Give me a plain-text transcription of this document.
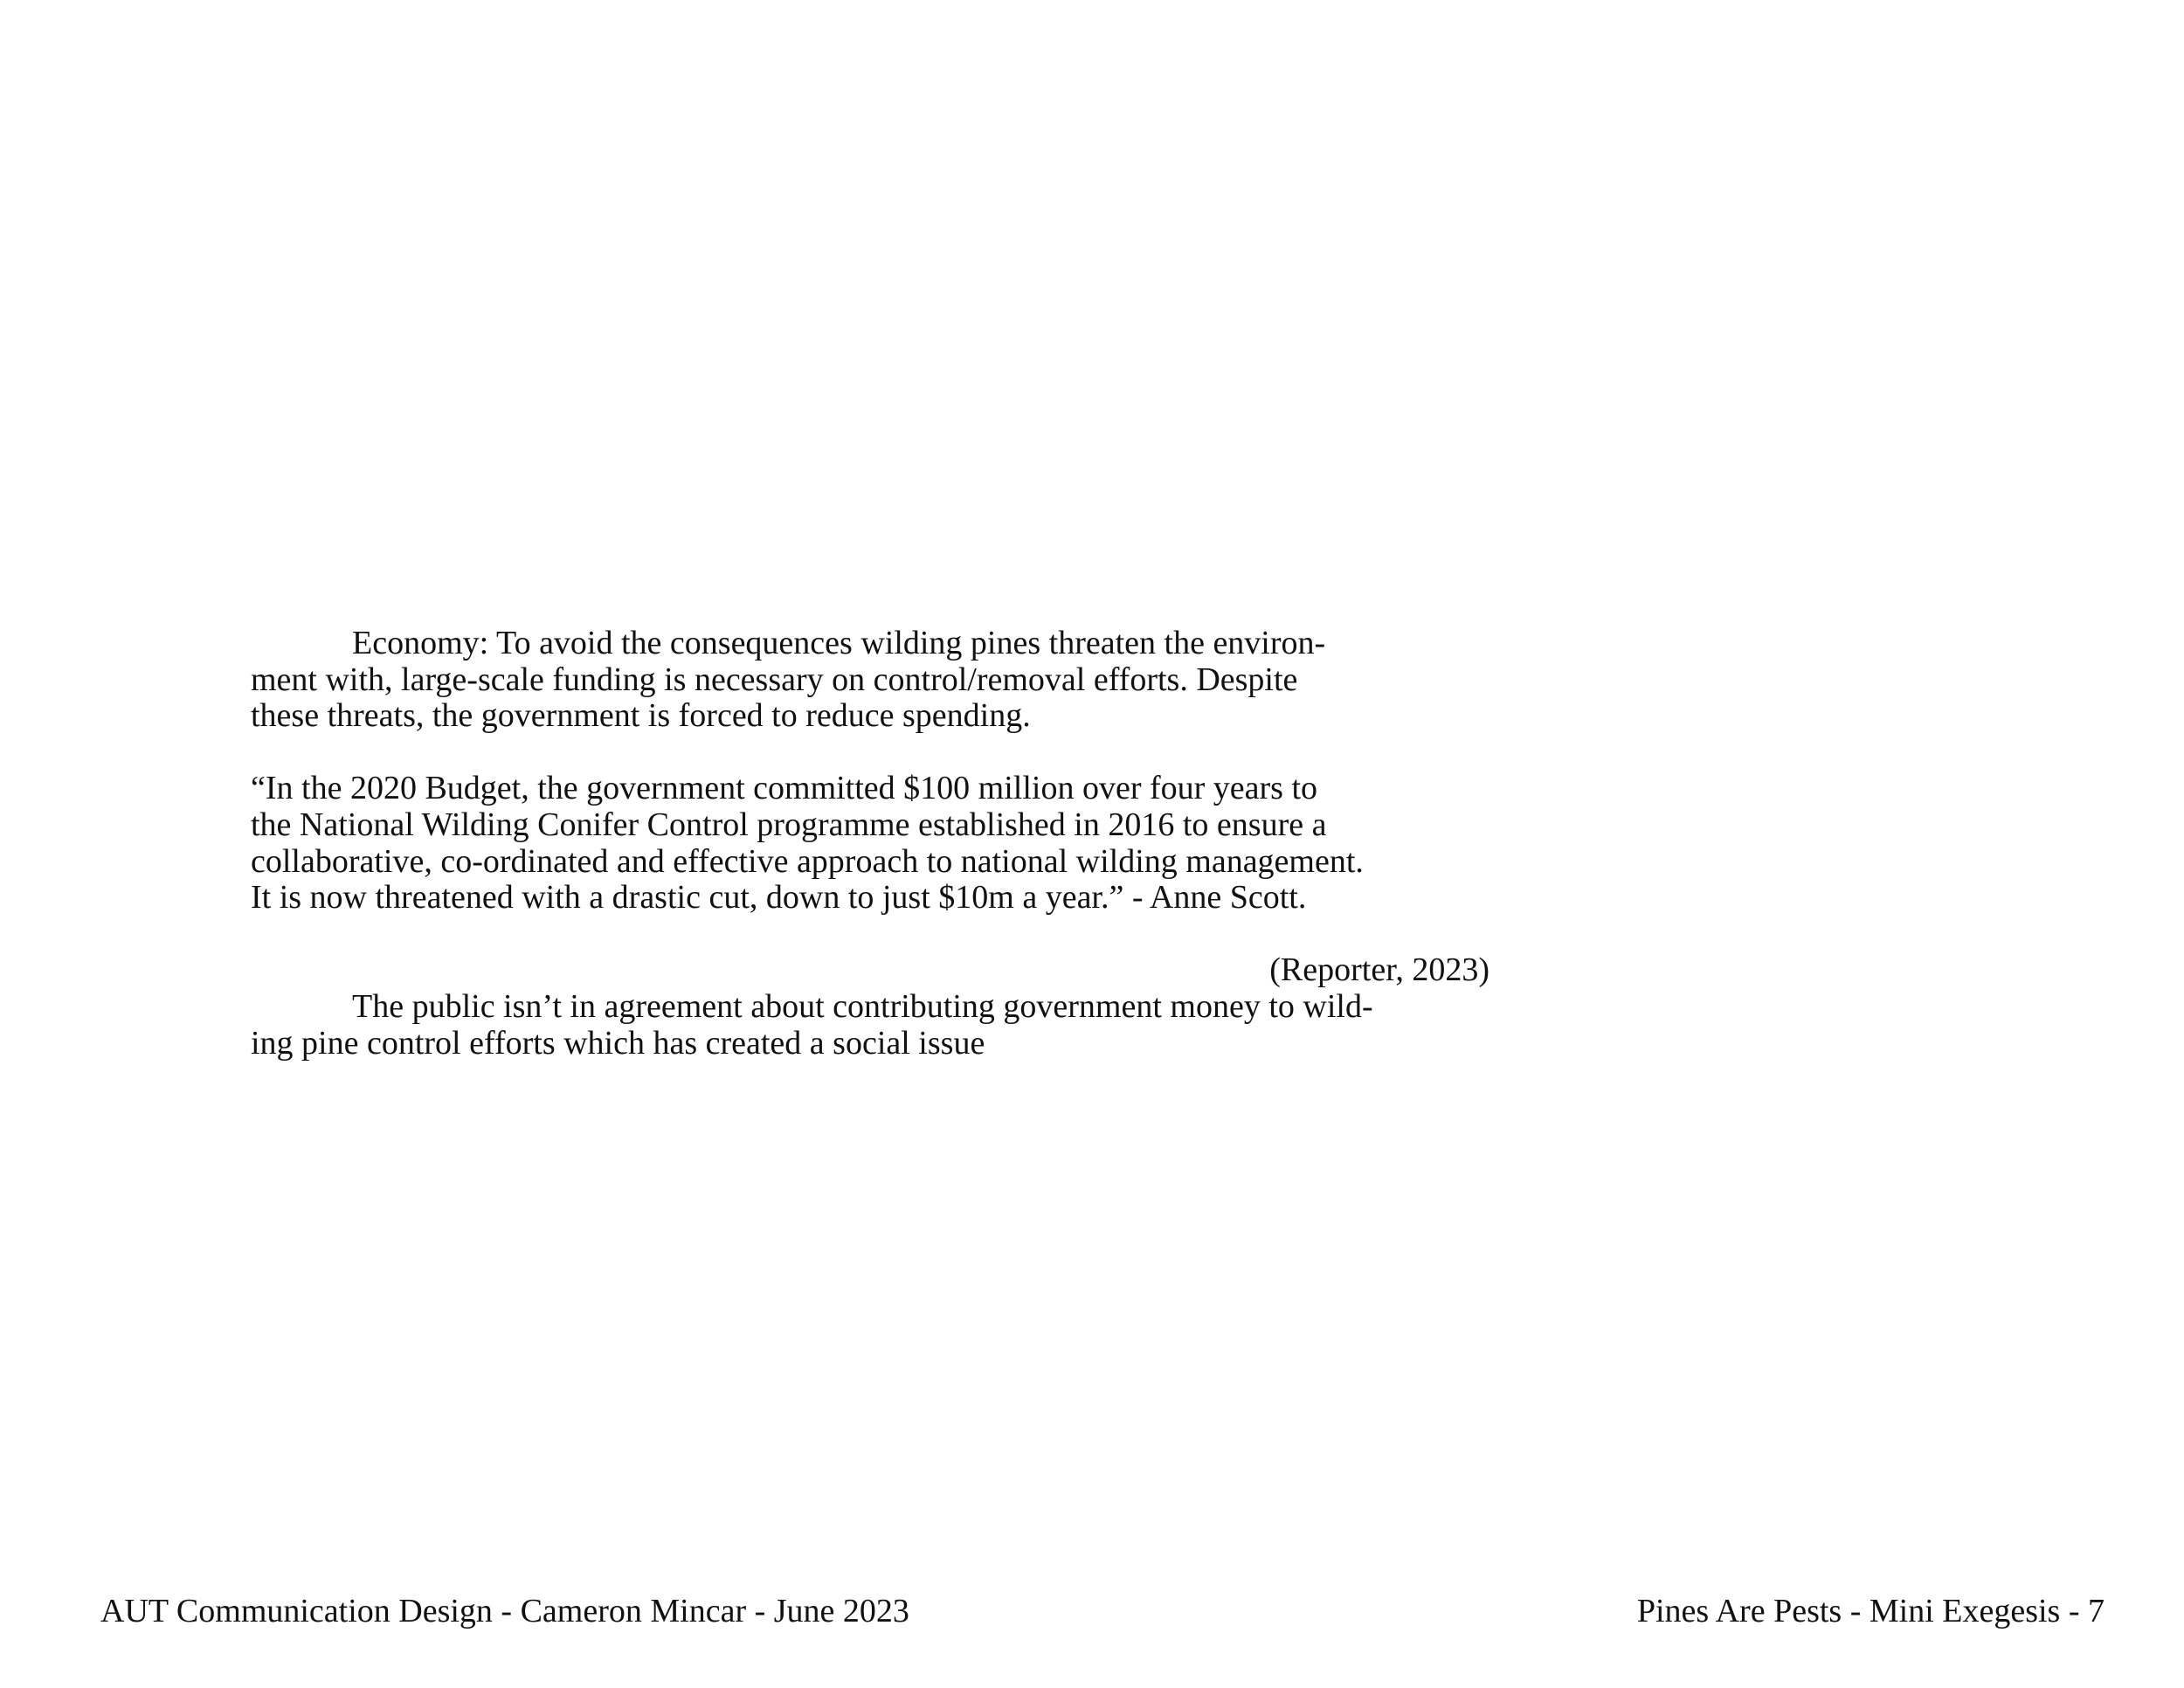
Economy: To avoid the consequences wilding pines threaten the environ-
ment with, large-scale funding is necessary on control/removal efforts. Despite
these threats, the government is forced to reduce spending.

“In the 2020 Budget, the government committed $100 million over four years to
the National Wilding Conifer Control programme established in 2016 to ensure a
collaborative, co-ordinated and effective approach to national wilding management.
It is now threatened with a drastic cut, down to just $10m a year.” - Anne Scott.

(Reporter, 2023)

The public isn’t in agreement about contributing government money to wild-
ing pine control efforts which has created a social issue

AUT Communication Design - Cameron Mincar - June 2023	Pines Are Pests - Mini Exegesis - 7
